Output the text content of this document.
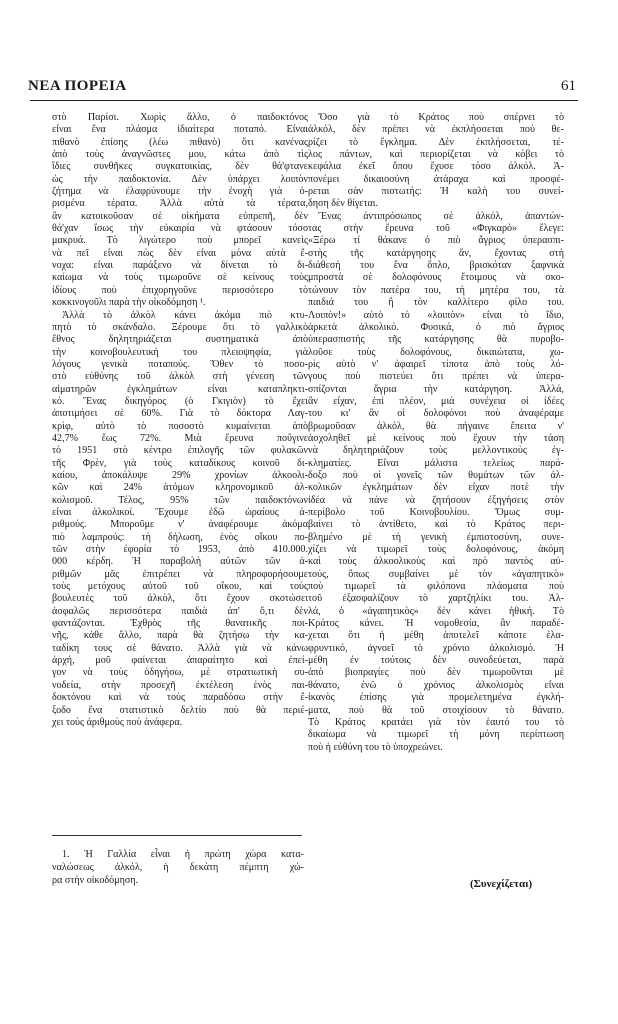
ΝΕΑ ΠΟΡΕΙΑ	61
στὸ Παρίσι. Χωρὶς ἄλλο, ὁ παιδοκτόνος
εἶναι ἕνα πλάσμα ἰδιαίτερα ποταπό. Εἶναι
πιθανὸ ἐπίσης (λέω πιθανὸ) ὅτι κανένας
ἀπὸ τοὺς ἀναγνῶστες μου, κάτω ἀπὸ τὶς
ἴδιες συνθῆκες συγκατοικίας, δὲν θά'φτανε
ὡς τὴν παιδοκτονία. Δὲν ὑπάρχει λοιπὸν
ζήτημα νὰ ἐλαφρύνουμε τὴν ἐνοχὴ γιὰ ὁ-
ρισμένα τέρατα. Ἀλλὰ αὐτὰ τὰ τέρατα,
ἂν κατοικοῦσαν σὲ οἰκήματα εὐπρεπῆ, δὲν
θά'χαν ἴσως τὴν εὐκαιρία νὰ φτάσουν τόσο
μακρυά. Τὸ λιγώτερο ποὺ μπορεῖ κανεὶς
νὰ πεῖ εἶναι πὼς δὲν εἶναι μόνα αὐτὰ ἔ-
νοχα: εἶναι παράξενο νὰ δίνεται τὸ δι-
καίωμα νὰ τοὺς τιμωροῦνε σὲ κείνους τοὺς
ἰδίους ποὺ ἐπιχορηγοῦνε περισσότερο τὸ
κοκκινογοῦλι παρὰ τὴν οἰκοδόμηση ¹.
Ἀλλὰ τὸ ἀλκὸλ κάνει ἀκόμα πιὸ κτυ-
πητὸ τὸ σκάνδαλο. Ξέρουμε ὅτι τὸ γαλλικὸ
ἔθνος δηλητηριάζεται συστηματικὰ ἀπὸ
τὴν κοινοβουλευτικὴ του πλειοψηφία, γιὰ
λόγους γενικὰ ποταπούς. Ὅθεν τὸ ποσο-
στὸ εὐθύνης τοῦ ἀλκὸλ στὴ γένεση τῶν
αἱματηρῶν ἐγκλημάτων εἶναι καταπληκτι-
κό. Ἕνας δικηγόρος (ὁ Γκιγιὸν) τὸ ἔχει
ἀποτιμήσει σὲ 60%. Γιὰ τὸ δόκτορα Λαγ-
κρὶφ, αὐτὸ τὸ ποσοστὸ κυμαίνεται ἀπὸ
42,7% ἕως 72%. Μιὰ ἔρευνα ποὔγινε
τὸ 1951 στὸ κέντρο ἐπιλογῆς τῶν φυλακῶν
τῆς Φρὲν, γιὰ τοὺς καταδίκους κοινοῦ δι-
καίου, ἀποκάλυψε 29% χρονίων ἀλκοολι-
κῶν καὶ 24% ἀτόμων κληρονομικοῦ ἀλ-
κολισμοῦ. Τέλος, 95% τῶν παιδοκτόνων
εἶναι ἀλκολικοί. Ἔχουμε ἐδῶ ὡραίους ἀ-
ριθμούς. Μποροῦμε ν' ἀναφέρουμε ἀκόμα
πιὸ λαμπρούς: τὴ δήλωση, ἑνὸς οἴκου πο-
τῶν στὴν ἐφορία τὸ 1953, ἀπὸ 410.000.
000 κέρδη. Ἡ παραβολὴ αὐτῶν τῶν ἀ-
ριθμῶν μᾶς ἐπιτρέπει νὰ πληροφορήσουμε
τοὺς μετόχους αὐτοῦ τοῦ οἴκου, καὶ τοὺς
βουλευτὲς τοῦ ἀλκὸλ, ὅτι ἔχουν σκοτώσει
ἀσφαλῶς περισσότερα παιδιὰ ἀπ' ὅ,τι δὲν
φαντάζονται. Ἐχθρὸς τῆς θανατικῆς ποι-
νῆς, κάθε ἄλλο, παρὰ θὰ ζητήσω τὴν κα-
ταδίκη τους σὲ θάνατο. Ἀλλὰ γιὰ νὰ κάνω
ἀρχή, μοῦ φαίνεται ἀπαραίτητο καὶ ἐπεί-
γον νὰ τοὺς ὁδηγήσω, μὲ στρατιωτικὴ συ-
νοδεία, στὴν προσεχῆ ἐκτέλεση ἑνὸς παι-
δοκτόνου καὶ νὰ τοὺς παραδόσω στὴν ἔ-
ξοδο ἕνα στατιστικὸ δελτίο ποὺ θὰ περιέ-
χει τοὺς ἀριθμοὺς ποὺ ἀνάφερα.
Ὅσο γιὰ τὸ Κράτος ποὺ σπέρνει τὸ
ἀλκόλ, δὲν πρέπει νὰ ἐκπλήσσεται ποὺ θε-
ρίζει τὸ ἔγκλημα. Δὲν ἐκπλήσσεται, τέ-
λος πάντων, καὶ περιορίζεται νὰ κόβει τὸ
κεφάλια ἐκεῖ ὅπου ἔχυσε τόσο ἀλκόλ. Ἀ-
πονέμει δικαιοσύνη ἀτάραχα καὶ προσφέ-
ρεται σὰν πιστωτής: Ἡ καλὴ του συνεί-
δηση δὲν θίγεται.
Ἕνας ἀντιπρόσωπος σὲ ἀλκόλ, ἀπαντών-
τας στὴν ἔρευνα τοῦ «Φιγκαρὸ» ἔλεγε:
«Ξέρω τί θάκανε ὁ πιὸ ἄγριος ὑπερασπι-
στὴς τῆς κατάργησης ἄν, ἔχοντας στὴ
διάθεσή του ἕνα ὅπλο, βρισκόταν ξαφνικὰ
μπροστὰ σὲ δολοφόνους ἕτοιμους νὰ σκο-
τώνουν τὸν πατέρα του, τὴ μητέρα του, τὰ
παιδιά του ἢ τὸν καλλίτερο φίλο του.
Λοιπὸν!» αὐτὸ τὸ «λοιπὸν» εἶναι τὸ ἴδιο,
ἀρκετὰ ἀλκολικό. Φυσικά, ὁ πιὸ ἄγριος
ὑπερασπιστὴς τῆς κατάργησης θὰ πυροβο-
λοῦσε τοὺς δολοφόνους, δικαιώτατα, χω-
ρὶς αὐτὸ ν' ἀφαιρεῖ τίποτα ἀπὸ τοὺς λό-
γους ποὺ πιστεύει ὅτι πρέπει νὰ ὑπερα-
σπίζονται ἄγρια τὴν κατάργηση. Ἀλλά,
ἂν εἶχαν, ἐπὶ πλέον, μιὰ συνέχεια οἱ ἰδέες
του κι' ἂν οἱ δολοφόνοι ποὺ ἀναφέραμε
βρωμοῦσαν ἀλκόλ, θὰ πήγαινε ἔπειτα ν'
ἀσχοληθεῖ μὲ κείνους ποὺ ἔχουν τὴν τάση
νὰ δηλητηριάζουν τοὺς μελλοντικοὺς ἐγ-
κληματίες. Εἶναι μάλιστα τελείως παρά-
δοξο ποὺ οἱ γονεῖς τῶν θυμάτων τῶν ἀλ-
κολικῶν ἐγκλημάτων δὲν εἶχαν ποτὲ τὴν
ἰδέα νὰ πάνε νὰ ζητήσουν ἐξηγήσεις στὸν
περίβολο τοῦ Κοινοβουλίου. Ὅμως συμ-
βαίνει τὸ ἀντίθετο, καὶ τὸ Κράτος περι-
βλημένο μὲ τὴ γενικὴ ἐμπιστοσύνη, συνε-
χίζει νὰ τιμωρεῖ τοὺς δολοφόνους, ἀκόμη
καὶ τοὺς ἀλκοολικοὺς καὶ πρὸ παντὸς αὐ-
τούς, ὅπως συμβαίνει μὲ τὸν «ἀγαπητικὸ»
ποὺ τιμωρεῖ τὰ φιλόπονα πλάσματα ποὺ
τοῦ ἐξασφαλίζουν τὸ χαρτζηλίκι του. Ἀλ-
λά, ὁ «ἀγαπητικὸς» δὲν κάνει ἠθική. Τὸ
Κράτος κάνει. Ἡ νομοθεσία, ἂν παραδέ-
χεται ὅτι ἡ μέθη ἀποτελεῖ κάποτε ἐλα-
φρυντικό, ἀγνοεῖ τὸ χρόνιο ἀλκολισμό. Ἡ
μέθη ἐν τούτοις δὲν συνοδεύεται, παρὰ
ἀπὸ βιοπραγίες ποὺ δὲν τιμωροῦνται μὲ
θάνατο, ἐνῶ ὁ χρόνιος ἀλκολισμὸς εἶναι
ἱκανὸς ἐπίσης γιὰ προμελετημένα ἐγκλή-
ματα, ποὺ θὰ τοῦ στοιχίσουν τὸ θάνατο.
Τὸ Κράτος κρατάει γιὰ τὸν ἑαυτό του τὸ
δικαίωμα νὰ τιμωρεῖ τὴ μόνη περίπτωση
ποὺ ἡ εὐθύνη του τὸ ὑποχρεώνει.
1. Ἡ Γαλλία εἶναι ἡ πρώτη χώρα κατα-
ναλώσεως ἀλκόλ, ἡ δεκάτη πέμπτη χώ-
ρα στὴν οἰκοδόμηση.	(Συνεχίζεται)
